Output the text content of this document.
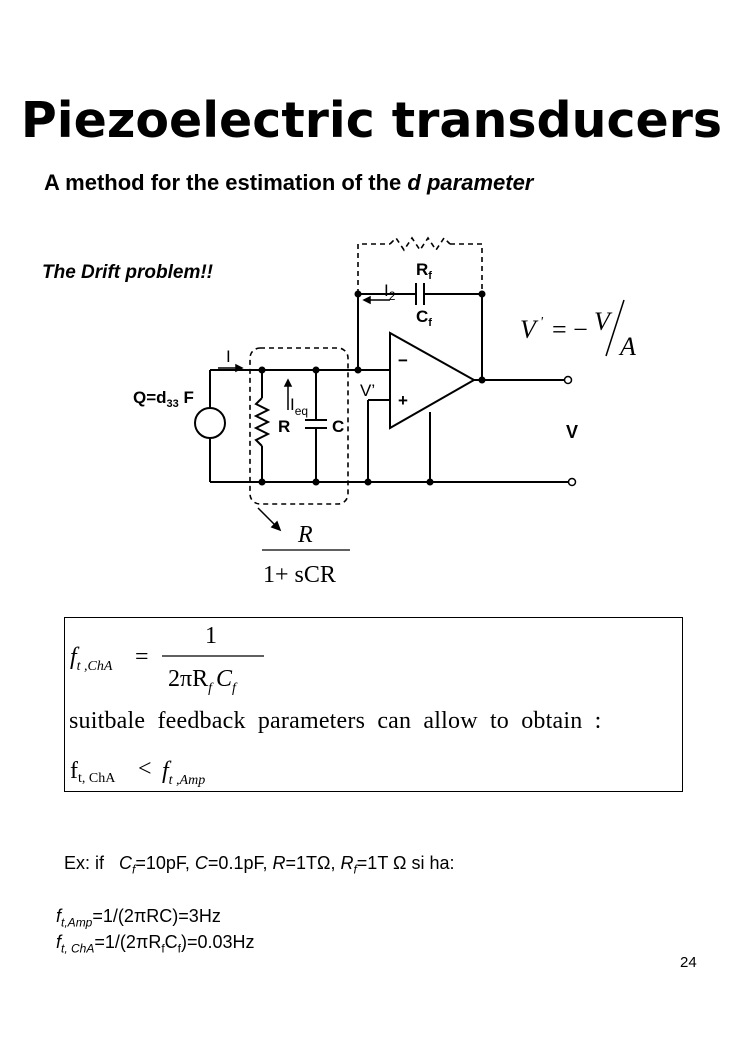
Piezoelectric transducers
A method for the estimation of the d parameter
The Drift problem!!
$Q=d_{33}$ F
R C
$R_f$
$C_f$
V
I
$I_2$
$I_{eq}$
V’
−
+
V ' = − V
A
R
1+ sCR
$f_{t ,ChA}$ =
1
$2\pi R_f$ $C_f$
ft, ChA < $f_{t ,Amp}$
suitbale feedback parameters can allow to obtain :
Ex: if $C_f=10pF$, C=0.1pF, R=1TΩ, $R_f=1T$ Ω si ha:
$f_{t,Amp}=1/(2\pi RC)=3Hz$
$f_{t, ChA}=1/(2\pi R_fC_f)=0.03Hz$
24
